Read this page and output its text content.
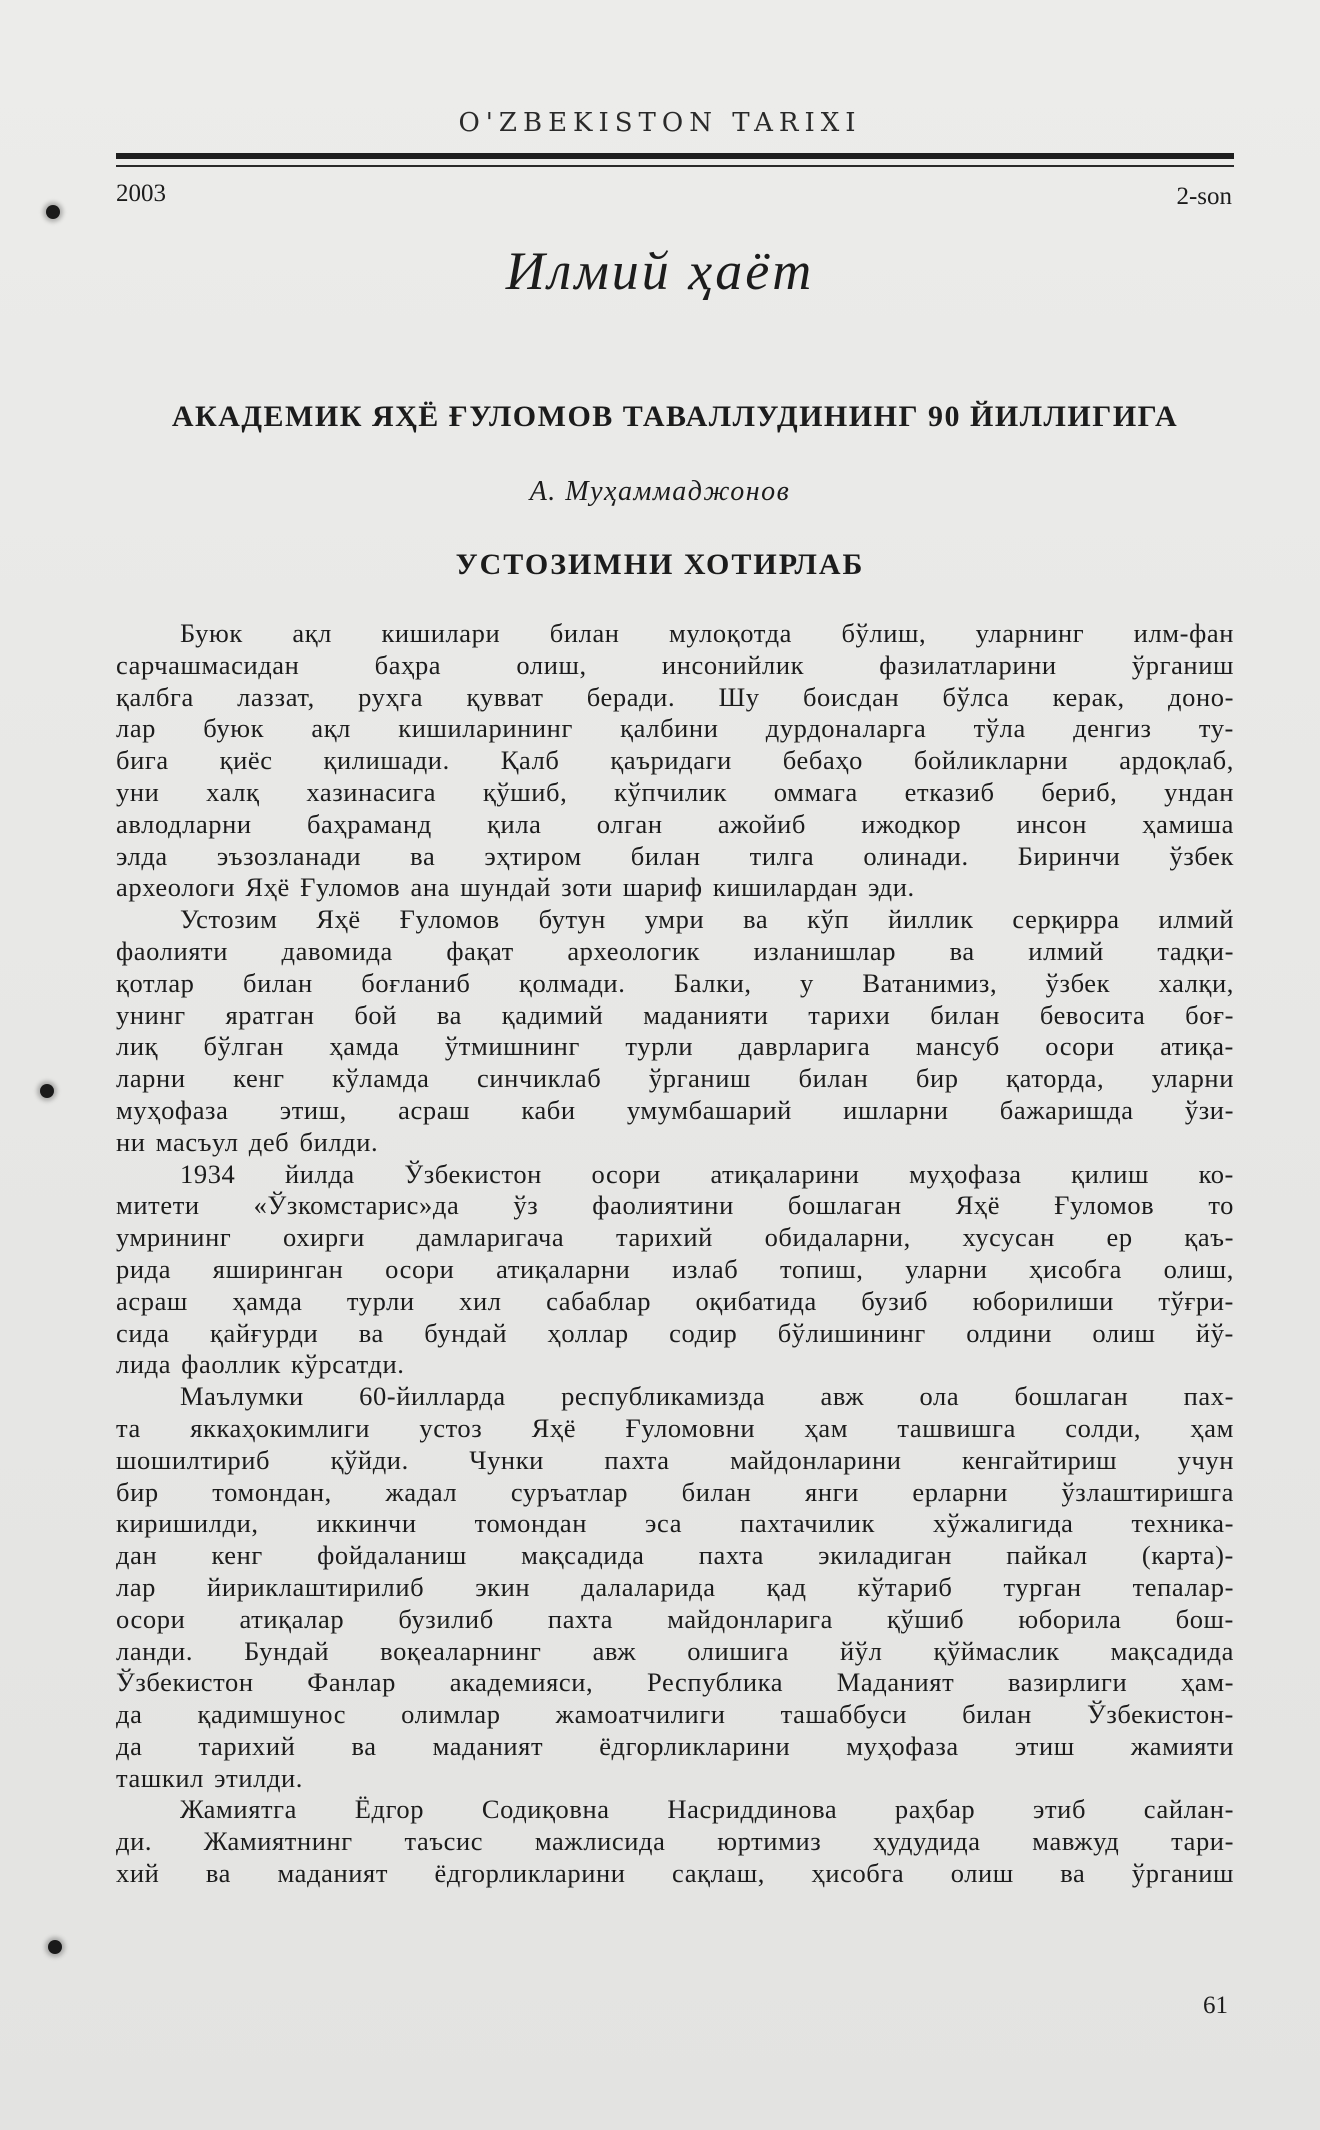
O'ZBEKISTON TARIXI
2003	2-son
Илмий ҳаёт
АКАДЕМИК ЯҲЁ ҒУЛОМОВ ТАВАЛЛУДИНИНГ 90 ЙИЛЛИГИГА
А. Муҳаммаджонов
УСТОЗИМНИ ХОТИРЛАБ
Буюк ақл кишилари билан мулоқотда бўлиш, уларнинг илм-фан
сарчашмасидан баҳра олиш, инсонийлик фазилатларини ўрганиш
қалбга лаззат, руҳга қувват беради. Шу боисдан бўлса керак, доно-
лар буюк ақл кишиларининг қалбини дурдоналарга тўла денгиз ту-
бига қиёс қилишади. Қалб қаъридаги бебаҳо бойликларни ардоқлаб,
уни халқ хазинасига қўшиб, кўпчилик оммага етказиб бериб, ундан
авлодларни баҳраманд қила олган ажойиб ижодкор инсон ҳамиша
элда эъзозланади ва эҳтиром билан тилга олинади. Биринчи ўзбек
археологи Яҳё Ғуломов ана шундай зоти шариф кишилардан эди.
Устозим Яҳё Ғуломов бутун умри ва кўп йиллик серқирра илмий
фаолияти давомида фақат археологик изланишлар ва илмий тадқи-
қотлар билан боғланиб қолмади. Балки, у Ватанимиз, ўзбек халқи,
унинг яратган бой ва қадимий маданияти тарихи билан бевосита боғ-
лиқ бўлган ҳамда ўтмишнинг турли даврларига мансуб осори атиқа-
ларни кенг кўламда синчиклаб ўрганиш билан бир қаторда, уларни
муҳофаза этиш, асраш каби умумбашарий ишларни бажаришда ўзи-
ни масъул деб билди.
1934 йилда Ўзбекистон осори атиқаларини муҳофаза қилиш ко-
митети «Ўзкомстарис»да ўз фаолиятини бошлаган Яҳё Ғуломов то
умрининг охирги дамларигача тарихий обидаларни, хусусан ер қаъ-
рида яширинган осори атиқаларни излаб топиш, уларни ҳисобга олиш,
асраш ҳамда турли хил сабаблар оқибатида бузиб юборилиши тўғри-
сида қайғурди ва бундай ҳоллар содир бўлишининг олдини олиш йў-
лида фаоллик кўрсатди.
Маълумки 60-йилларда республикамизда авж ола бошлаган пах-
та яккаҳокимлиги устоз Яҳё Ғуломовни ҳам ташвишга солди, ҳам
шошилтириб қўйди. Чунки пахта майдонларини кенгайтириш учун
бир томондан, жадал суръатлар билан янги ерларни ўзлаштиришга
киришилди, иккинчи томондан эса пахтачилик хўжалигида техника-
дан кенг фойдаланиш мақсадида пахта экиладиган пайкал (карта)-
лар йириклаштирилиб экин далаларида қад кўтариб турган тепалар-
осори атиқалар бузилиб пахта майдонларига қўшиб юборила бош-
ланди. Бундай воқеаларнинг авж олишига йўл қўймаслик мақсадида
Ўзбекистон Фанлар академияси, Республика Маданият вазирлиги ҳам-
да қадимшунос олимлар жамоатчилиги ташаббуси билан Ўзбекистон-
да тарихий ва маданият ёдгорликларини муҳофаза этиш жамияти
ташкил этилди.
Жамиятга Ёдгор Содиқовна Насриддинова раҳбар этиб сайлан-
ди. Жамиятнинг таъсис мажлисида юртимиз ҳудудида мавжуд тари-
хий ва маданият ёдгорликларини сақлаш, ҳисобга олиш ва ўрганиш
61
